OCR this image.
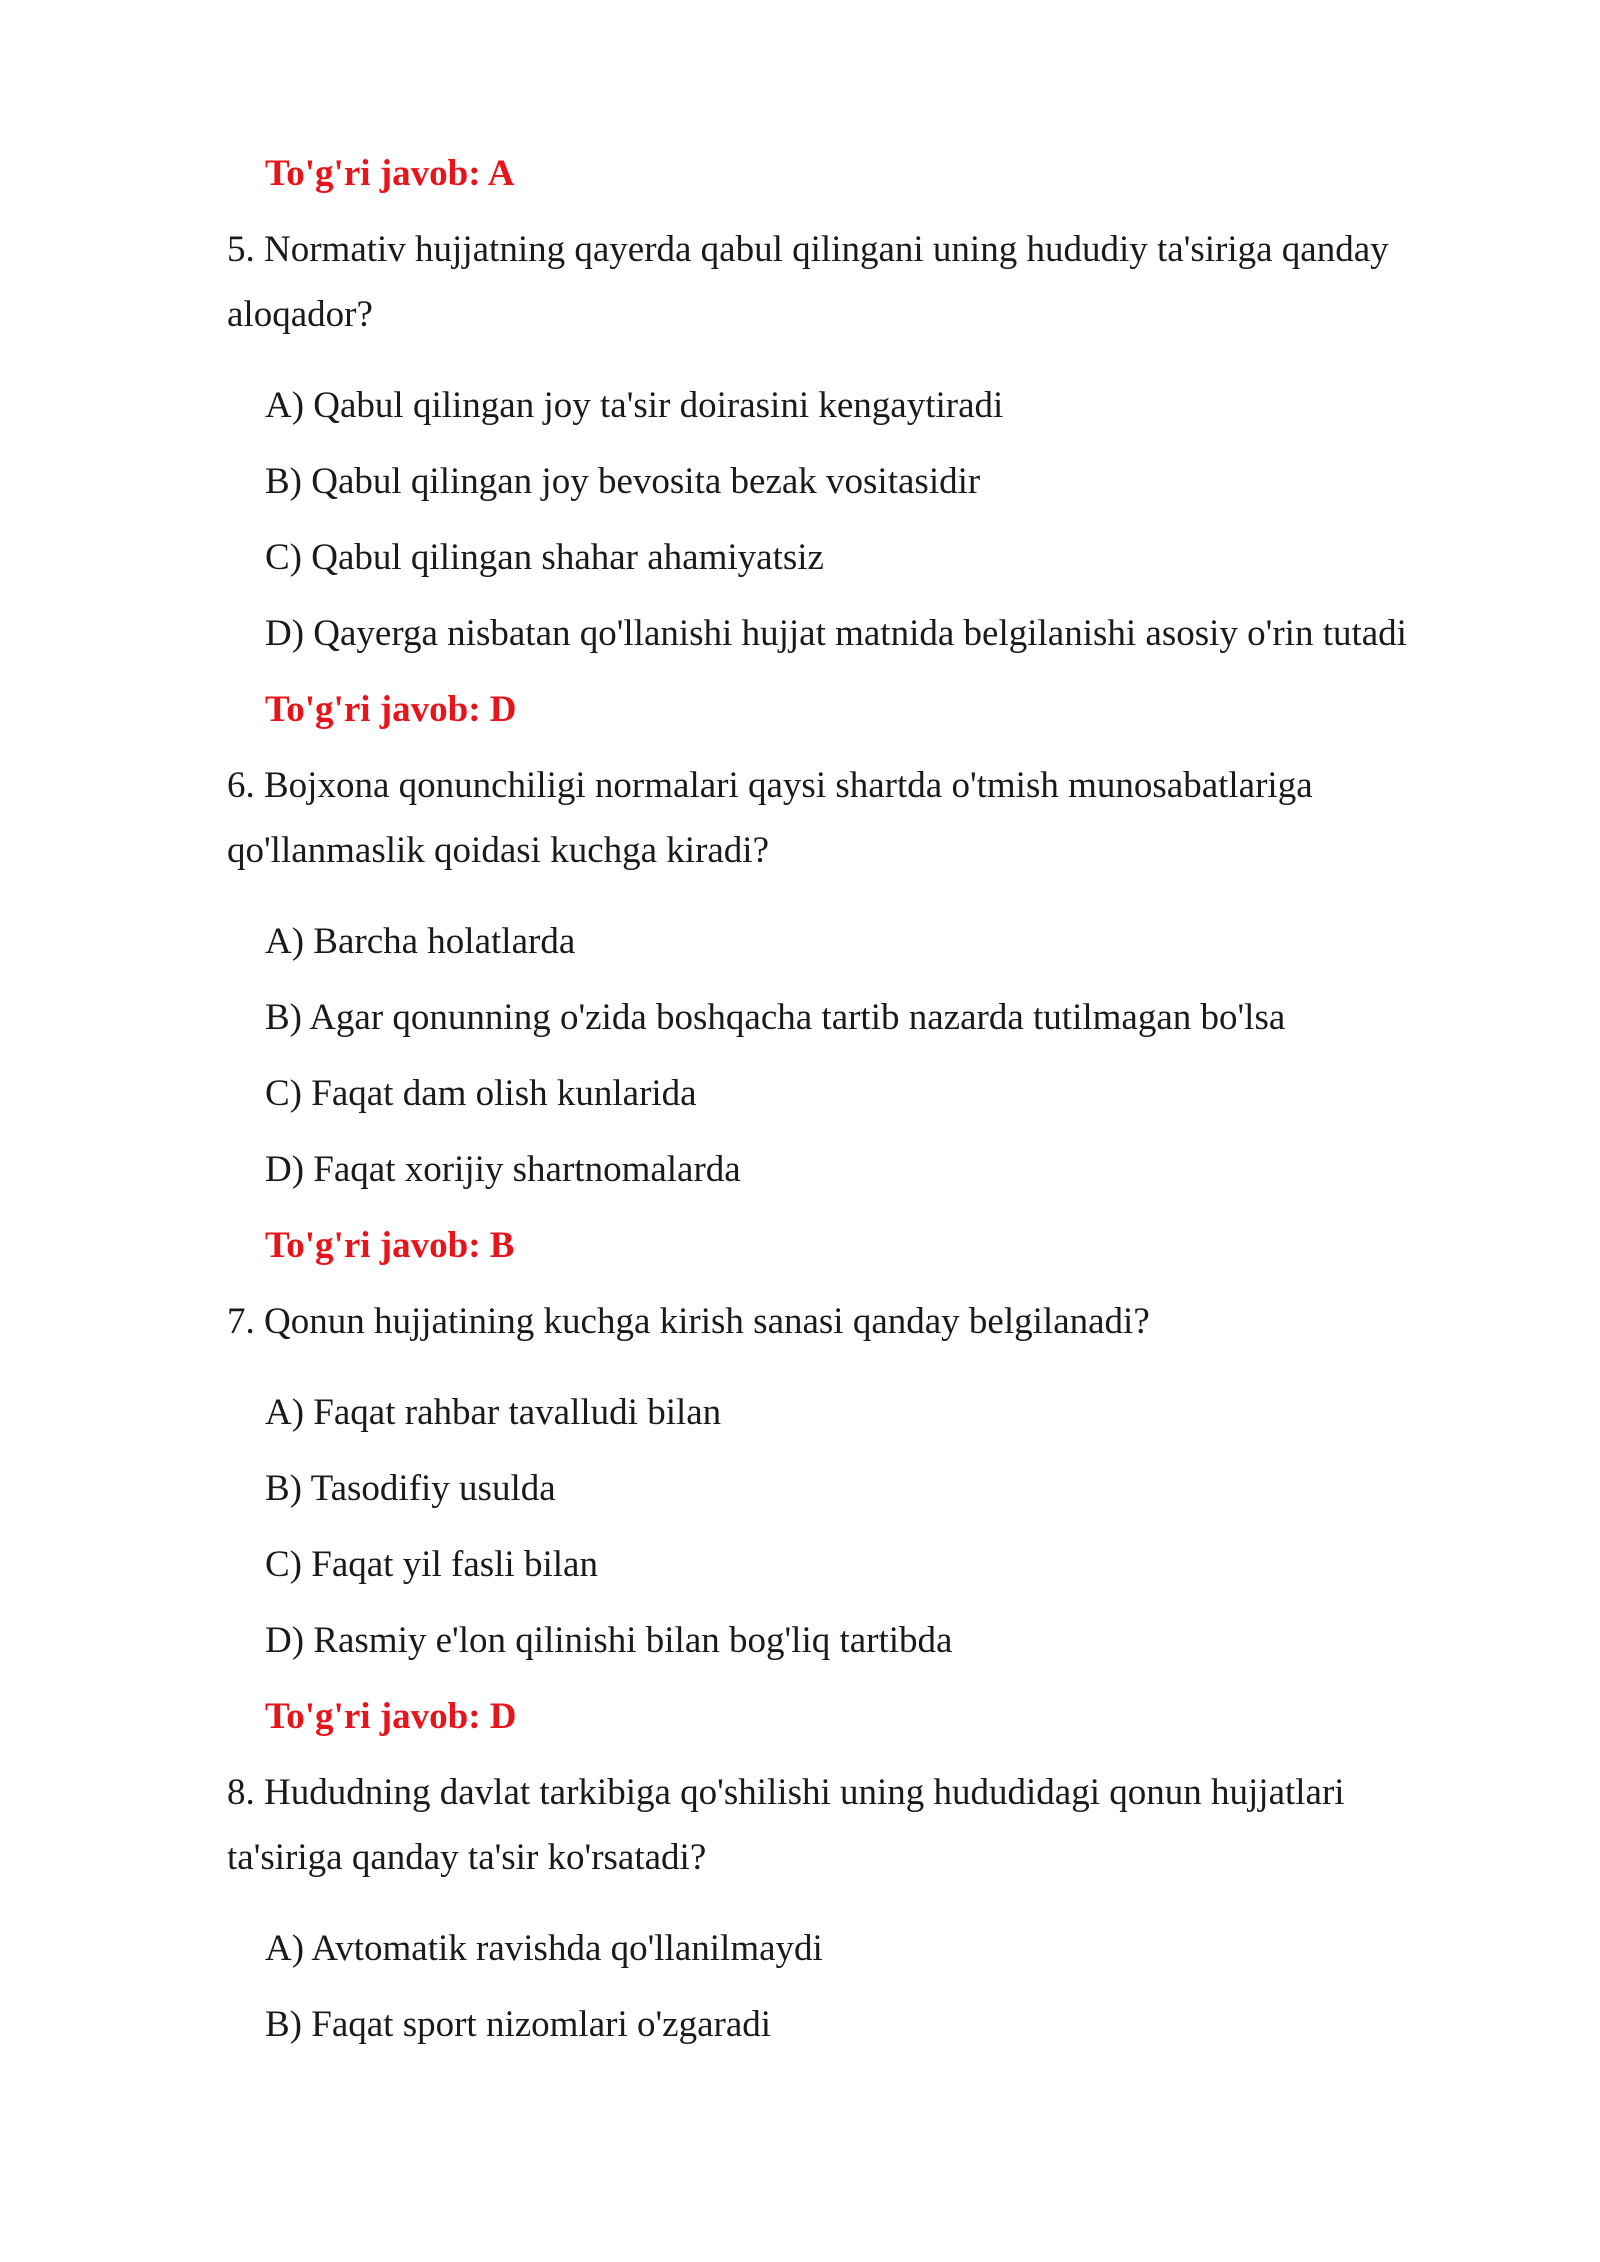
To'g'ri javob: A
5. Normativ hujjatning qayerda qabul qilingani uning hududiy ta'siriga qanday
aloqador?
A) Qabul qilingan joy ta'sir doirasini kengaytiradi
B) Qabul qilingan joy bevosita bezak vositasidir
C) Qabul qilingan shahar ahamiyatsiz
D) Qayerga nisbatan qo'llanishi hujjat matnida belgilanishi asosiy o'rin tutadi
To'g'ri javob: D
6. Bojxona qonunchiligi normalari qaysi shartda o'tmish munosabatlariga
qo'llanmaslik qoidasi kuchga kiradi?
A) Barcha holatlarda
B) Agar qonunning o'zida boshqacha tartib nazarda tutilmagan bo'lsa
C) Faqat dam olish kunlarida
D) Faqat xorijiy shartnomalarda
To'g'ri javob: B
7. Qonun hujjatining kuchga kirish sanasi qanday belgilanadi?
A) Faqat rahbar tavalludi bilan
B) Tasodifiy usulda
C) Faqat yil fasli bilan
D) Rasmiy e'lon qilinishi bilan bog'liq tartibda
To'g'ri javob: D
8. Hududning davlat tarkibiga qo'shilishi uning hududidagi qonun hujjatlari
ta'siriga qanday ta'sir ko'rsatadi?
A) Avtomatik ravishda qo'llanilmaydi
B) Faqat sport nizomlari o'zgaradi
